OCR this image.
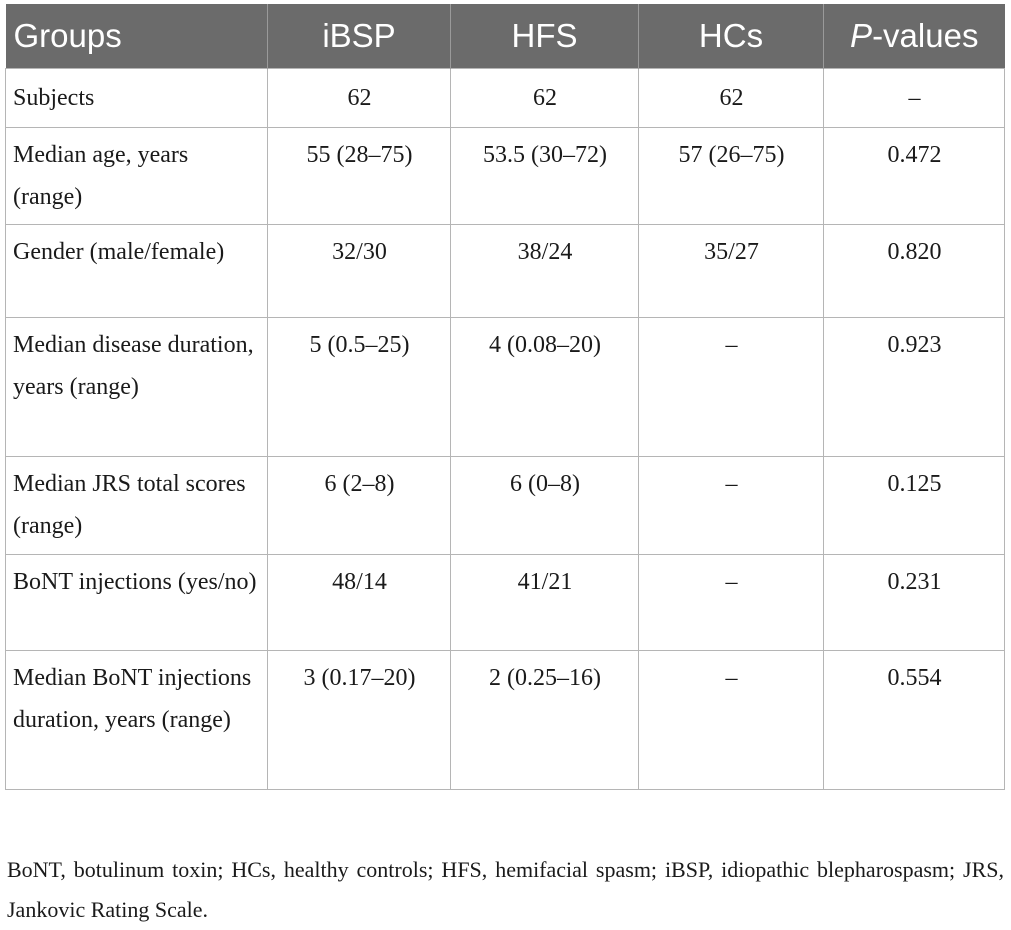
Groups	iBSP	HFS	HCs	P-values
Subjects	62	62	62	–
Median age, years (range)	55 (28–75)	53.5 (30–72)	57 (26–75)	0.472
Gender (male/female)	32/30	38/24	35/27	0.820
Median disease duration, years (range)	5 (0.5–25)	4 (0.08–20)	–	0.923
Median JRS total scores (range)	6 (2–8)	6 (0–8)	–	0.125
BoNT injections (yes/no)	48/14	41/21	–	0.231
Median BoNT injections duration, years (range)	3 (0.17–20)	2 (0.25–16)	–	0.554
BoNT, botulinum toxin; HCs, healthy controls; HFS, hemifacial spasm; iBSP, idiopathic blepharospasm; JRS, Jankovic Rating Scale.
